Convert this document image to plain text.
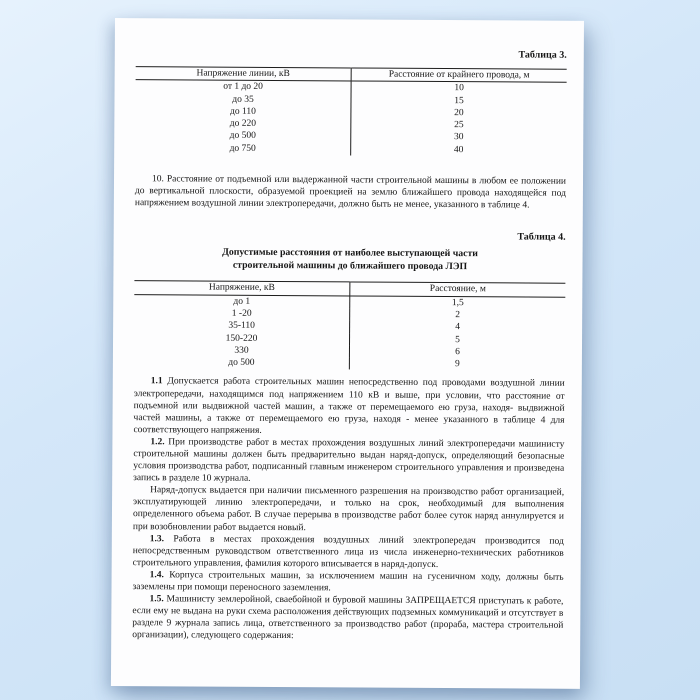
Таблица 3.
Напряжение линии, кВ	Расстояние от крайнего провода, м
от 1 до 20	10
до 35	15
до 110	20
до 220	25
до 500	30
до 750	40

10. Расстояние от подъемной или выдержанной части строительной машины в любом ее положении до вертикальной плоскости, образуемой проекцией на землю ближайшего провода находящейся под напряжением воздушной линии электропередачи, должно быть не менее, указанного в таблице 4.

Таблица 4.
Допустимые расстояния от наиболее выступающей части
строительной машины до ближайшего провода ЛЭП
Напряжение, кВ	Расстояние, м
до 1	1,5
1 -20	2
35-110	4
150-220	5
330	6
до 500	9

1.1 Допускается работа строительных машин непосредственно под проводами воздушной линии электропередачи, находящимся под напряжением 110 кВ и выше, при условии, что расстояние от подъемной или выдвижной частей машин, а также от перемещаемого ею груза, находя- выдвижной частей машины, а также от перемещаемого ею груза, находя - менее указанного в таблице 4 для соответствующего напряжения.

1.2. При производстве работ в местах прохождения воздушных линий электропередачи машинисту строительной машины должен быть предварительно выдан наряд-допуск, определяющий безопасные условия производства работ, подписанный главным инженером строительного управления и произведена запись в разделе 10 журнала.

Наряд-допуск выдается при наличии письменного разрешения на производство работ организацией, эксплуатирующей линию электропередачи, и только на срок, необходимый для выполнения определенного объема работ. В случае перерыва в производстве работ более суток наряд аннулируется и при возобновлении работ выдается новый.

1.3. Работа в местах прохождения воздушных линий электропередач производится под непосредственным руководством ответственного лица из числа инженерно-технических работников строительного управления, фамилия которого вписывается в наряд-допуск.

1.4. Корпуса строительных машин, за исключением машин на гусеничном ходу, должны быть заземлены при помощи переносного заземления.

1.5. Машинисту землеройной, сваебойной и буровой машины ЗАПРЕЩАЕТСЯ приступать к работе, если ему не выдана на руки схема расположения действующих подземных коммуникаций и отсутствует в разделе 9 журнала запись лица, ответственного за производство работ (прораба, мастера строительной организации), следующего содержания:
